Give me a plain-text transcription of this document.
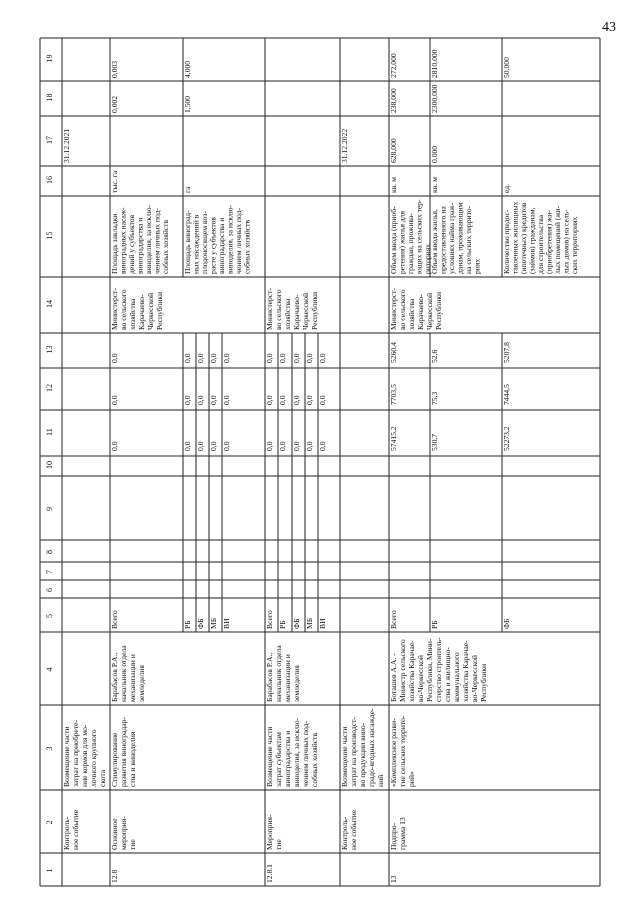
43
1
2
3
4
5
6
7
8
9
10
11
12
13
14
15
16
17
18
19
Контроль- ное событие
Возмещение части затрат на приобрете- ние кормов для мо- лочного крупного скота
31.12.2021
12.8
Основное мероприя- тие
Стимулирование развития виноградар- ства и виноделия
Барабасов Р.А., начальник отдела механизации и земледелия
Министерст- во сельского хозяйства Карачаево- Черкесской Республики
Всего
0,0
0,0
0,0
РБ
0,0
0,0
0,0
ФБ
0,0
0,0
0,0
МБ
0,0
0,0
0,0
ВИ
0,0
0,0
0,0
Площадь закладки виноградных насаж- дений у субъектов виноградарства и виноделия, за исклю- чением личных под- собных хозяйств
тыс. га
0,002
0,003
Площадь виноград- ных насаждений в плодоносящем воз- расте у субъектов виноградарства и виноделия, за исклю- чением личных под- собных хозяйств
га
1,500
4,000
12.8.1
Мероприя- тие
Возмещение части затрат субъектам виноградарства и виноделия, за исклю- чением личных под- собных хозяйств
Барабасов Р.А., начальник отдела механизации и земледелия
Министерст- во сельского хозяйства Карачаево- Черкесской Республики
Всего
0,0
0,0
0,0
РБ
0,0
0,0
0,0
ФБ
0,0
0,0
0,0
МБ
0,0
0,0
0,0
ВИ
0,0
0,0
0,0
Контроль- ное событие
Возмещение части затрат на производст- во продукции вино- градо-ягодных насажде- ний
31.12.2022
13
Подпро- грамма 13
«Комплексное разви- тие сельских террито- рий»
Боташев А.А. - Министр сельского хозяйства Карачае- во-Черкесской Республики, Мини- стерство строитель- ства и жилищно- коммунального хозяйства Карачае- во-Черкесской Республики
Министерст- во сельского хозяйства Карачаево- Черкесской Республики
Всего
57415,2
7703,5
5260,4
РБ
530,7
75,3
52,6
ФБ
52273,2
7444,5
5207,8
Объем ввода (приоб- ретения) жилья для граждан, прожива- ющих на сельских тер- риториях
кв. м
628,000
238,000
272,000
Объем ввода жилья, предоставленного на условиях найма граж- данам, проживающим на сельских террито- риях
кв. м
0,000
2300,000
2810,000
Количество предос- тавленных жилищных (ипотечных) кредитов (займов) гражданам, для строительства (приобретения) жи- лых помещений (жи- лых домов) на сель- ских территориях
ед.
50,000
